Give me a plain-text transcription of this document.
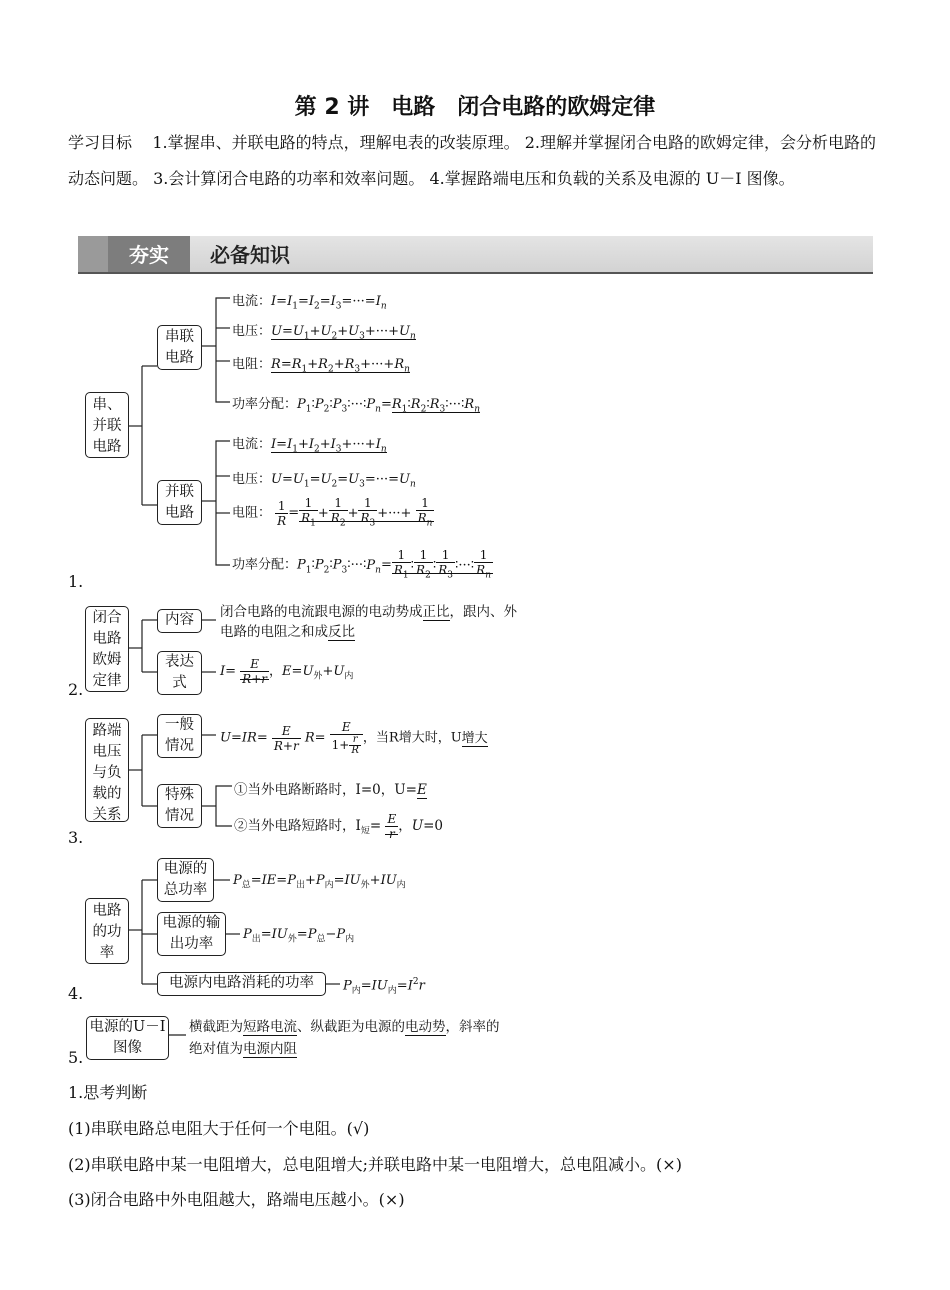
第 2 讲　电路　闭合电路的欧姆定律
学习目标 1.掌握串、并联电路的特点，理解电表的改装原理。 2.理解并掌握闭合电路的欧姆定律，会分析电路的动态问题。 3.会计算闭合电路的功率和效率问题。 4.掌握路端电压和负载的关系及电源的 U－I 图像。
夯实	必备知识
串、并联电路
串联电路
并联电路
电流：$I=I_1=I_2=I_3=\cdot\cdot\cdot=I_n$
电压：$U=U_1+U_2+U_3+\cdot\cdot\cdot+U_n$
电阻：$R=R_1+R_2+R_3+\cdot\cdot\cdot+R_n$
功率分配：$P_1∶P_2∶P_3∶\cdot\cdot\cdot∶P_n=R_1∶R_2∶R_3∶\cdot\cdot\cdot∶R_n$
电流：$I=I_1+I_2+I_3+\cdot\cdot\cdot+I_n$
电压：$U=U_1=U_2=U_3=\cdot\cdot\cdot=U_n$
电阻： $\frac{1}{R} = \frac{1}{R_1} + \frac{1}{R_2} + \frac{1}{R_3}$ +···+ $\frac{1}{R_n}$
功率分配：$P_1∶P_2∶P_3∶\cdot\cdot\cdot∶P_n= \frac{1}{R_1}$ ∶ $\frac{1}{R_2}$ ∶ $\frac{1}{R_3}$ ∶···∶ $\frac{1}{R_n}$
1.
闭合电路欧姆定律
内容
表达式
闭合电路的电流跟电源的电动势成正比，跟内、外
电路的电阻之和成反比
$I= \frac{E}{R+r}$ ，$E=U_外+U_内$
2.
路端电压与负载的关系
一般情况
特殊情况
$U=IR= \frac{E}{R+r} R= \frac{E}{1+ \frac{r}{R}}$ ，当R增大时，U增大
①当外电路断路时，I=0，U=E
②当外电路短路时，$I_短= \frac{E}{r}$ ，U=0
3.
电路的功率
电源的总功率
电源的输出功率
电源内电路消耗的功率
$P_总=IE=P_出+P_内=IU_外+IU_内$
$P_出=IU_外=P_总-P_内$
$P_内=IU_内=I^2r$
4.
电源的U－I图像
横截距为短路电流、纵截距为电源的电动势，斜率的
绝对值为电源内阻
5.
1.思考判断
(1)串联电路总电阻大于任何一个电阻。(√)
(2)串联电路中某一电阻增大，总电阻增大;并联电路中某一电阻增大，总电阻减小。(×)
(3)闭合电路中外电阻越大，路端电压越小。(×)
